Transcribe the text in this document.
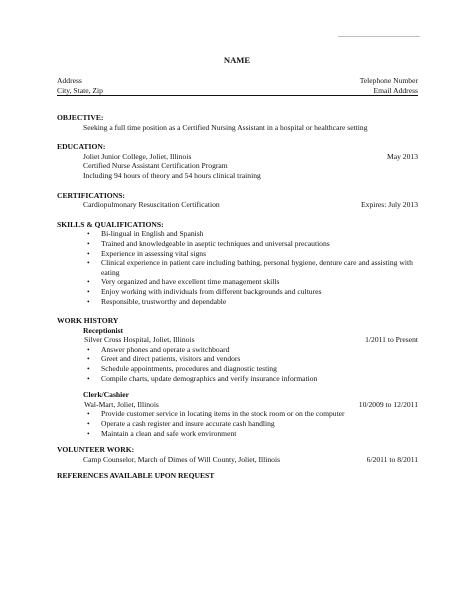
NAME
Address	Telephone Number
City, State, Zip	Email Address
OBJECTIVE:
Seeking a full time position as a Certified Nursing Assistant in a hospital or healthcare setting
EDUCATION:
Joliet Junior College, Joliet, Illinois	May 2013
Certified Nurse Assistant Certification Program
Including 94 hours of theory and 54 hours clinical training
CERTIFICATIONS:
Cardiopulmonary Resuscitation Certification	Expires: July 2013
SKILLS & QUALIFICATIONS:
• Bi-lingual in English and Spanish
• Trained and knowledgeable in aseptic techniques and universal precautions
• Experience in assessing vital signs
• Clinical experience in patient care including bathing, personal hygiene, denture care and assisting with eating
• Very organized and have excellent time management skills
• Enjoy working with individuals from different backgrounds and cultures
• Responsible, trustworthy and dependable
WORK HISTORY
Receptionist
Silver Cross Hospital, Joliet, Illinois	1/2011 to Present
• Answer phones and operate a switchboard
• Greet and direct patients, visitors and vendors
• Schedule appointments, procedures and diagnostic testing
• Compile charts, update demographics and verify insurance information
Clerk/Cashier
Wal-Mart, Joliet, Illinois	10/2009 to 12/2011
• Provide customer service in locating items in the stock room or on the computer
• Operate a cash register and insure accurate cash handling
• Maintain a clean and safe work environment
VOLUNTEER WORK:
Camp Counselor, March of Dimes of Will County, Joliet, Illinois	6/2011 to 8/2011
REFERENCES AVAILABLE UPON REQUEST
